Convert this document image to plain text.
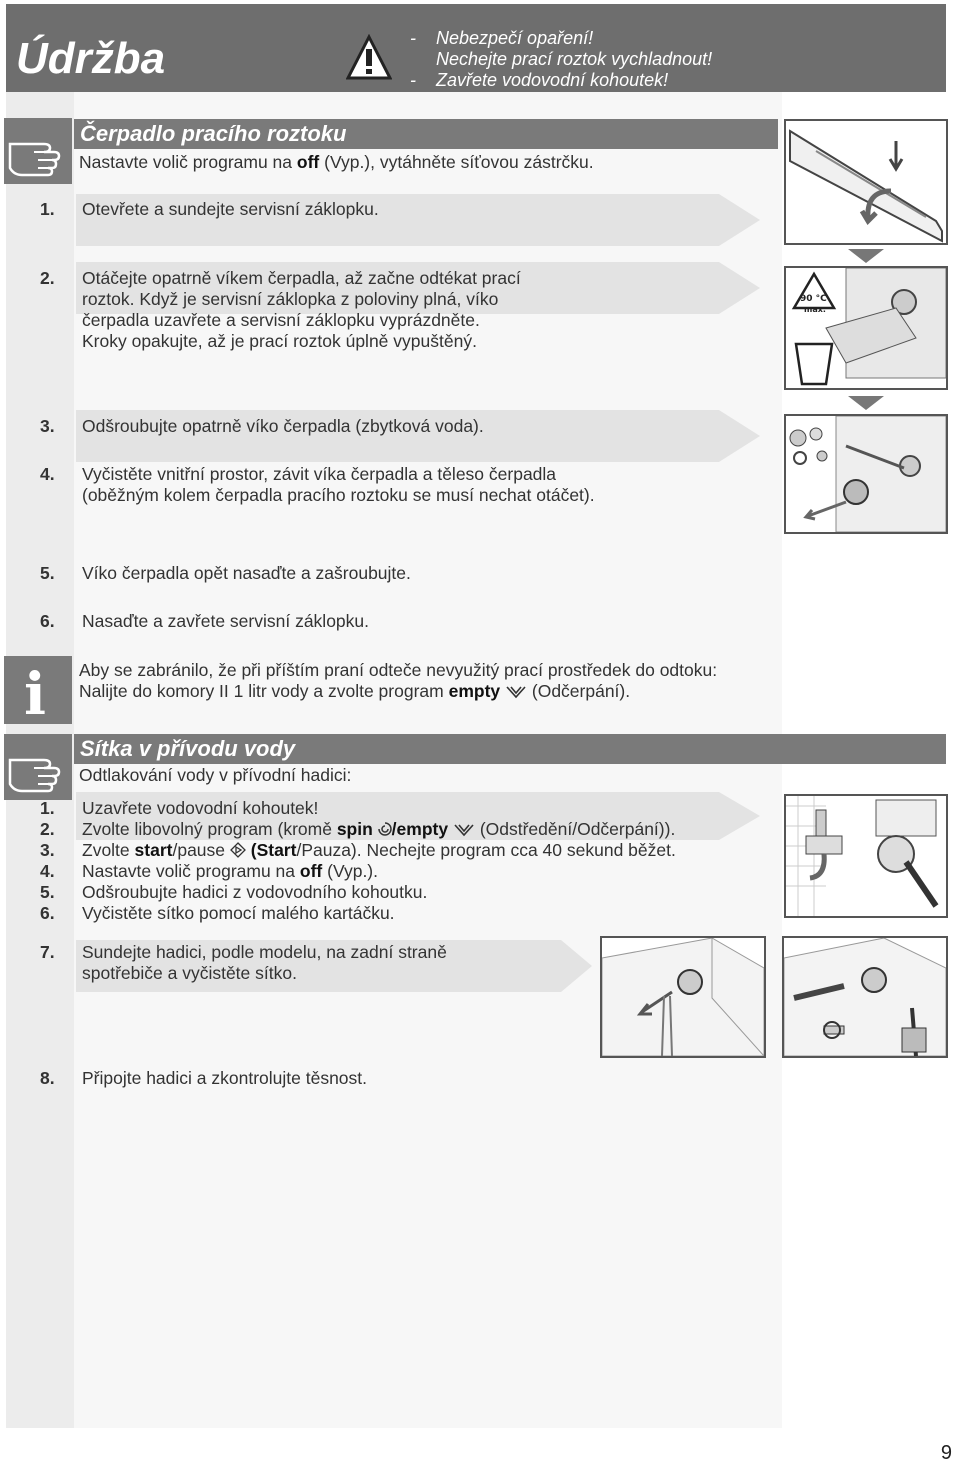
Údržba	- Nebezpečí opaření!
Nechejte prací roztok vychladnout!
- Zavřete vodovodní kohoutek!
Čerpadlo pracího roztoku
Nastavte volič programu na off (Vyp.), vytáhněte síťovou zástrčku.
1. Otevřete a sundejte servisní záklopku.
2. Otáčejte opatrně víkem čerpadla, až začne odtékat prací
roztok. Když je servisní záklopka z poloviny plná, víko
čerpadla uzavřete a servisní záklopku vyprázdněte.
Kroky opakujte, až je prací roztok úplně vypuštěný.
3. Odšroubujte opatrně víko čerpadla (zbytková voda).
4. Vyčistěte vnitřní prostor, závit víka čerpadla a těleso čerpadla
(oběžným kolem čerpadla pracího roztoku se musí nechat otáčet).
5. Víko čerpadla opět nasaďte a zašroubujte.
6. Nasaďte a zavřete servisní záklopku.
90 °C
max.
i Aby se zabránilo, že při příštím praní odteče nevyužitý prací prostředek do odtoku:
Nalijte do komory II 1 litr vody a zvolte program empty  (Odčerpání).
Sítka v přívodu vody
Odtlakování vody v přívodní hadici:
1.
2.
3.
4.
5.
6.
Uzavřete vodovodní kohoutek!
Zvolte libovolný program (kromě spin /empty  (Odstředění/Odčerpání)).
Zvolte start/pause  (Start/Pauza). Nechejte program cca 40 sekund běžet.
Nastavte volič programu na off (Vyp.).
Odšroubujte hadici z vodovodního kohoutku.
Vyčistěte sítko pomocí malého kartáčku.
7. Sundejte hadici, podle modelu, na zadní straně
spotřebiče a vyčistěte sítko.
8. Připojte hadici a zkontrolujte těsnost.
9
